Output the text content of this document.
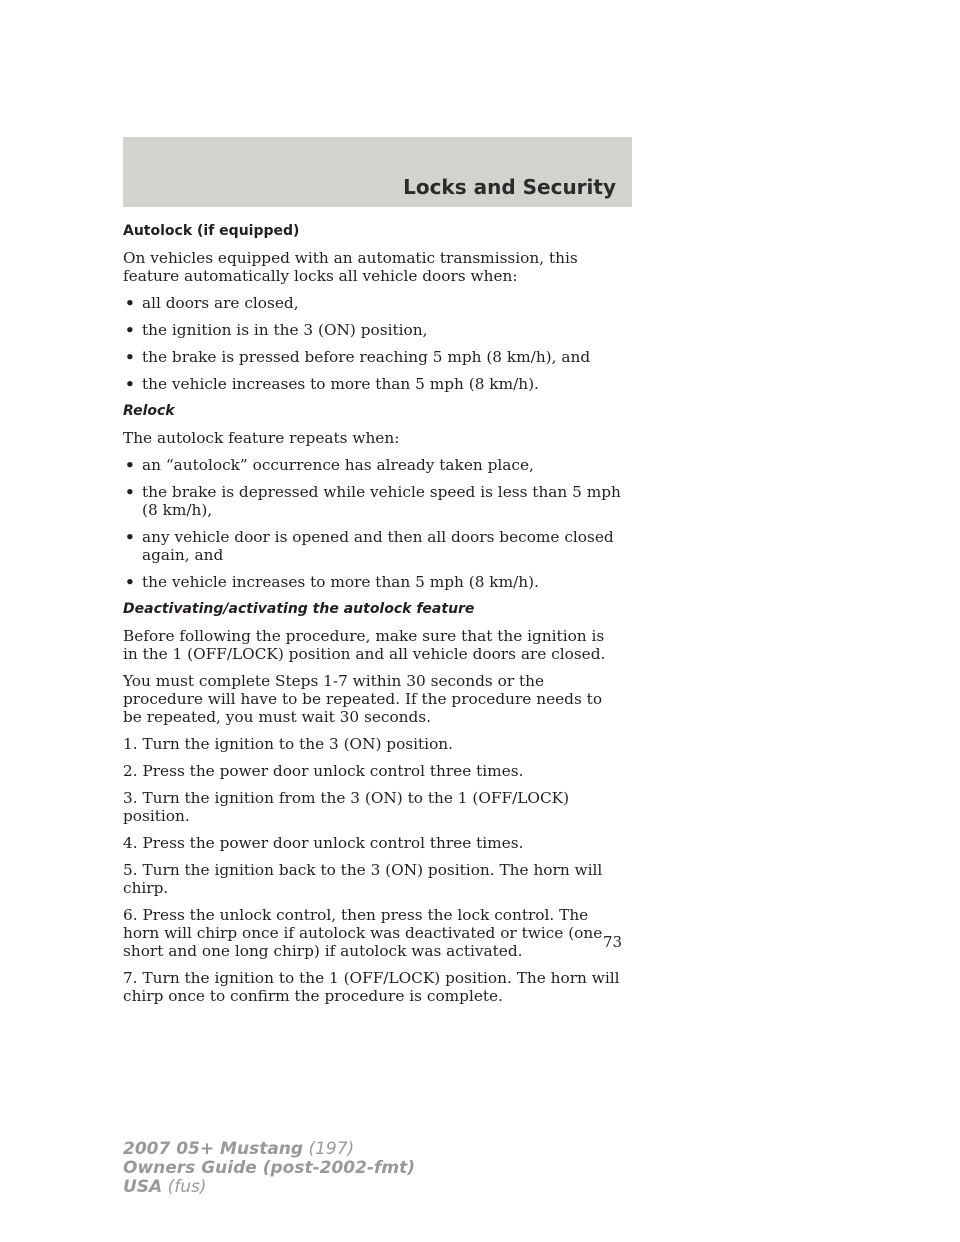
Locks and Security
Autolock (if equipped)

On vehicles equipped with an automatic transmission, this feature automatically locks all vehicle doors when:

• all doors are closed,
• the ignition is in the 3 (ON) position,
• the brake is pressed before reaching 5 mph (8 km/h), and
• the vehicle increases to more than 5 mph (8 km/h).
Relock

The autolock feature repeats when:

• an “autolock” occurrence has already taken place,
• the brake is depressed while vehicle speed is less than 5 mph (8 km/h),
• any vehicle door is opened and then all doors become closed again, and
• the vehicle increases to more than 5 mph (8 km/h).
Deactivating/activating the autolock feature

Before following the procedure, make sure that the ignition is in the 1 (OFF/LOCK) position and all vehicle doors are closed.

You must complete Steps 1-7 within 30 seconds or the procedure will have to be repeated. If the procedure needs to be repeated, you must wait 30 seconds.

1. Turn the ignition to the 3 (ON) position.

2. Press the power door unlock control three times.

3. Turn the ignition from the 3 (ON) to the 1 (OFF/LOCK) position.

4. Press the power door unlock control three times.

5. Turn the ignition back to the 3 (ON) position. The horn will chirp.

6. Press the unlock control, then press the lock control. The horn will chirp once if autolock was deactivated or twice (one short and one long chirp) if autolock was activated.

7. Turn the ignition to the 1 (OFF/LOCK) position. The horn will chirp once to confirm the procedure is complete.

73
2007 05+ Mustang (197)
Owners Guide (post-2002-fmt)
USA (fus)
